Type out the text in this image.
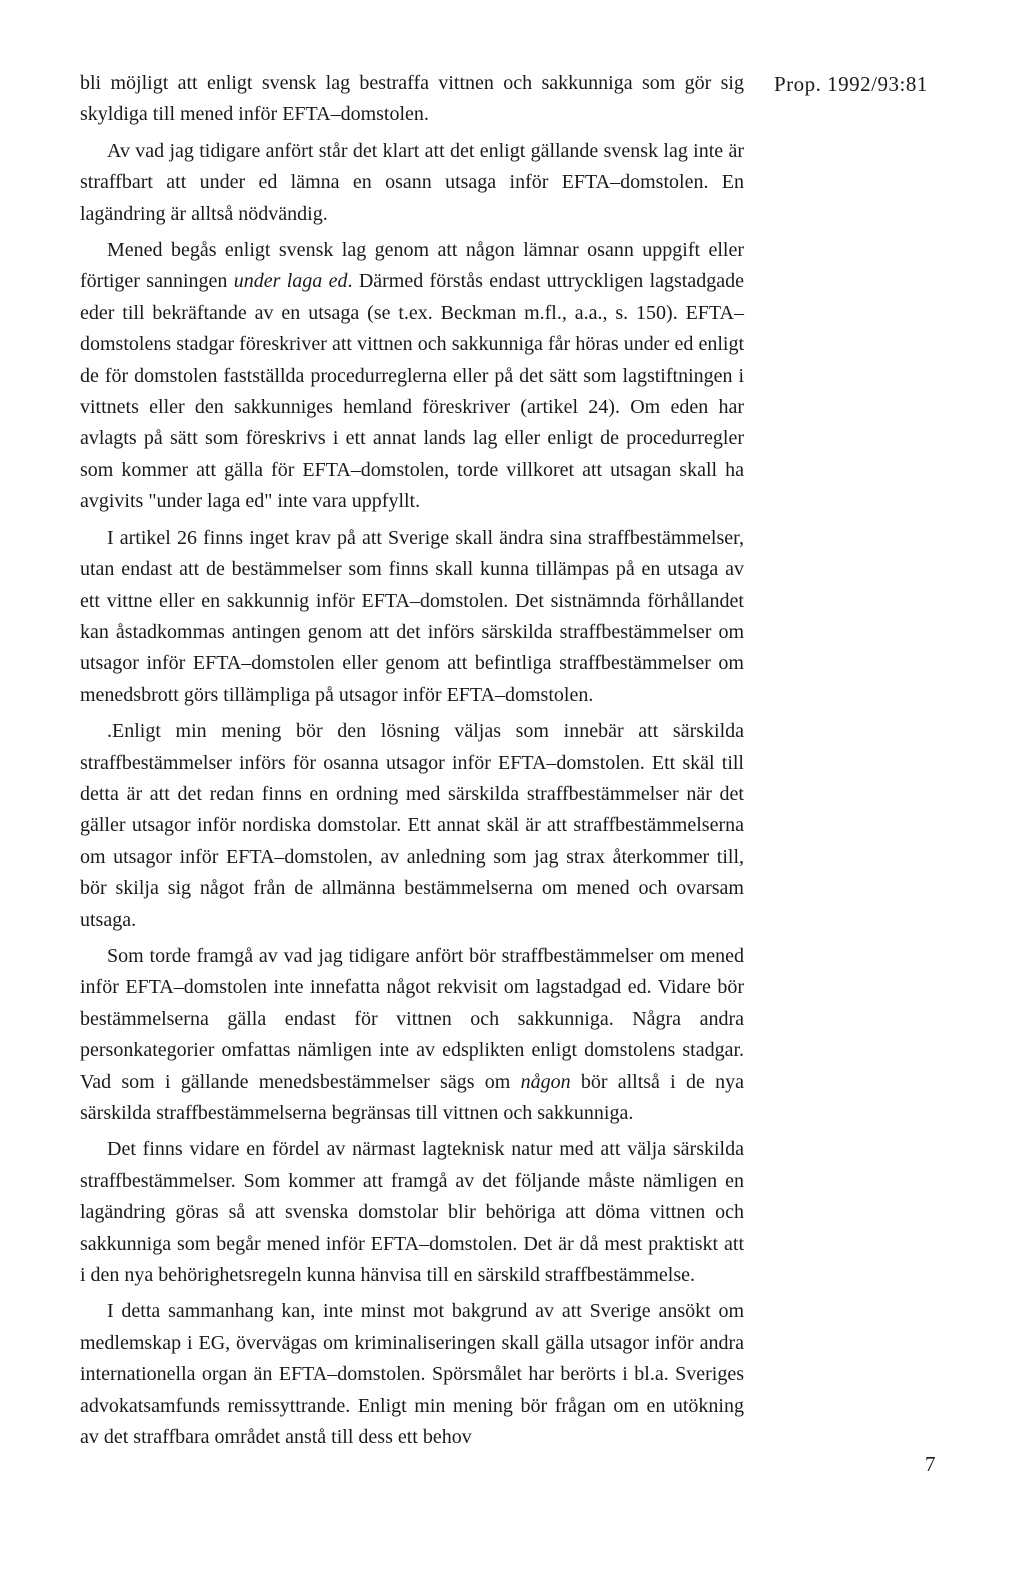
Prop. 1992/93:81

bli möjligt att enligt svensk lag bestraffa vittnen och sakkunniga som gör sig skyldiga till mened inför EFTA–domstolen.

Av vad jag tidigare anfört står det klart att det enligt gällande svensk lag inte är straffbart att under ed lämna en osann utsaga inför EFTA–domstolen. En lagändring är alltså nödvändig.

Mened begås enligt svensk lag genom att någon lämnar osann uppgift eller förtiger sanningen under laga ed. Därmed förstås endast uttryckligen lagstadgade eder till bekräftande av en utsaga (se t.ex. Beckman m.fl., a.a., s. 150). EFTA–domstolens stadgar föreskriver att vittnen och sakkunniga får höras under ed enligt de för domstolen fastställda procedurreglerna eller på det sätt som lagstiftningen i vittnets eller den sakkunniges hemland föreskriver (artikel 24). Om eden har avlagts på sätt som föreskrivs i ett annat lands lag eller enligt de procedurregler som kommer att gälla för EFTA–domstolen, torde villkoret att utsagan skall ha avgivits "under laga ed" inte vara uppfyllt.

I artikel 26 finns inget krav på att Sverige skall ändra sina straffbestämmelser, utan endast att de bestämmelser som finns skall kunna tillämpas på en utsaga av ett vittne eller en sakkunnig inför EFTA–domstolen. Det sistnämnda förhållandet kan åstadkommas antingen genom att det införs särskilda straffbestämmelser om utsagor inför EFTA–domstolen eller genom att befintliga straffbestämmelser om menedsbrott görs tillämpliga på utsagor inför EFTA–domstolen.

.Enligt min mening bör den lösning väljas som innebär att särskilda straffbestämmelser införs för osanna utsagor inför EFTA–domstolen. Ett skäl till detta är att det redan finns en ordning med särskilda straffbestämmelser när det gäller utsagor inför nordiska domstolar. Ett annat skäl är att straffbestämmelserna om utsagor inför EFTA–domstolen, av anledning som jag strax återkommer till, bör skilja sig något från de allmänna bestämmelserna om mened och ovarsam utsaga.

Som torde framgå av vad jag tidigare anfört bör straffbestämmelser om mened inför EFTA–domstolen inte innefatta något rekvisit om lagstadgad ed. Vidare bör bestämmelserna gälla endast för vittnen och sakkunniga. Några andra personkategorier omfattas nämligen inte av edsplikten enligt domstolens stadgar. Vad som i gällande menedsbestämmelser sägs om någon bör alltså i de nya särskilda straffbestämmelserna begränsas till vittnen och sakkunniga.

Det finns vidare en fördel av närmast lagteknisk natur med att välja särskilda straffbestämmelser. Som kommer att framgå av det följande måste nämligen en lagändring göras så att svenska domstolar blir behöriga att döma vittnen och sakkunniga som begår mened inför EFTA–domstolen. Det är då mest praktiskt att i den nya behörighetsregeln kunna hänvisa till en särskild straffbestämmelse.

I detta sammanhang kan, inte minst mot bakgrund av att Sverige ansökt om medlemskap i EG, övervägas om kriminaliseringen skall gälla utsagor inför andra internationella organ än EFTA–domstolen. Spörsmålet har berörts i bl.a. Sveriges advokatsamfunds remissyttrande. Enligt min mening bör frågan om en utökning av det straffbara området anstå till dess ett behov

7
